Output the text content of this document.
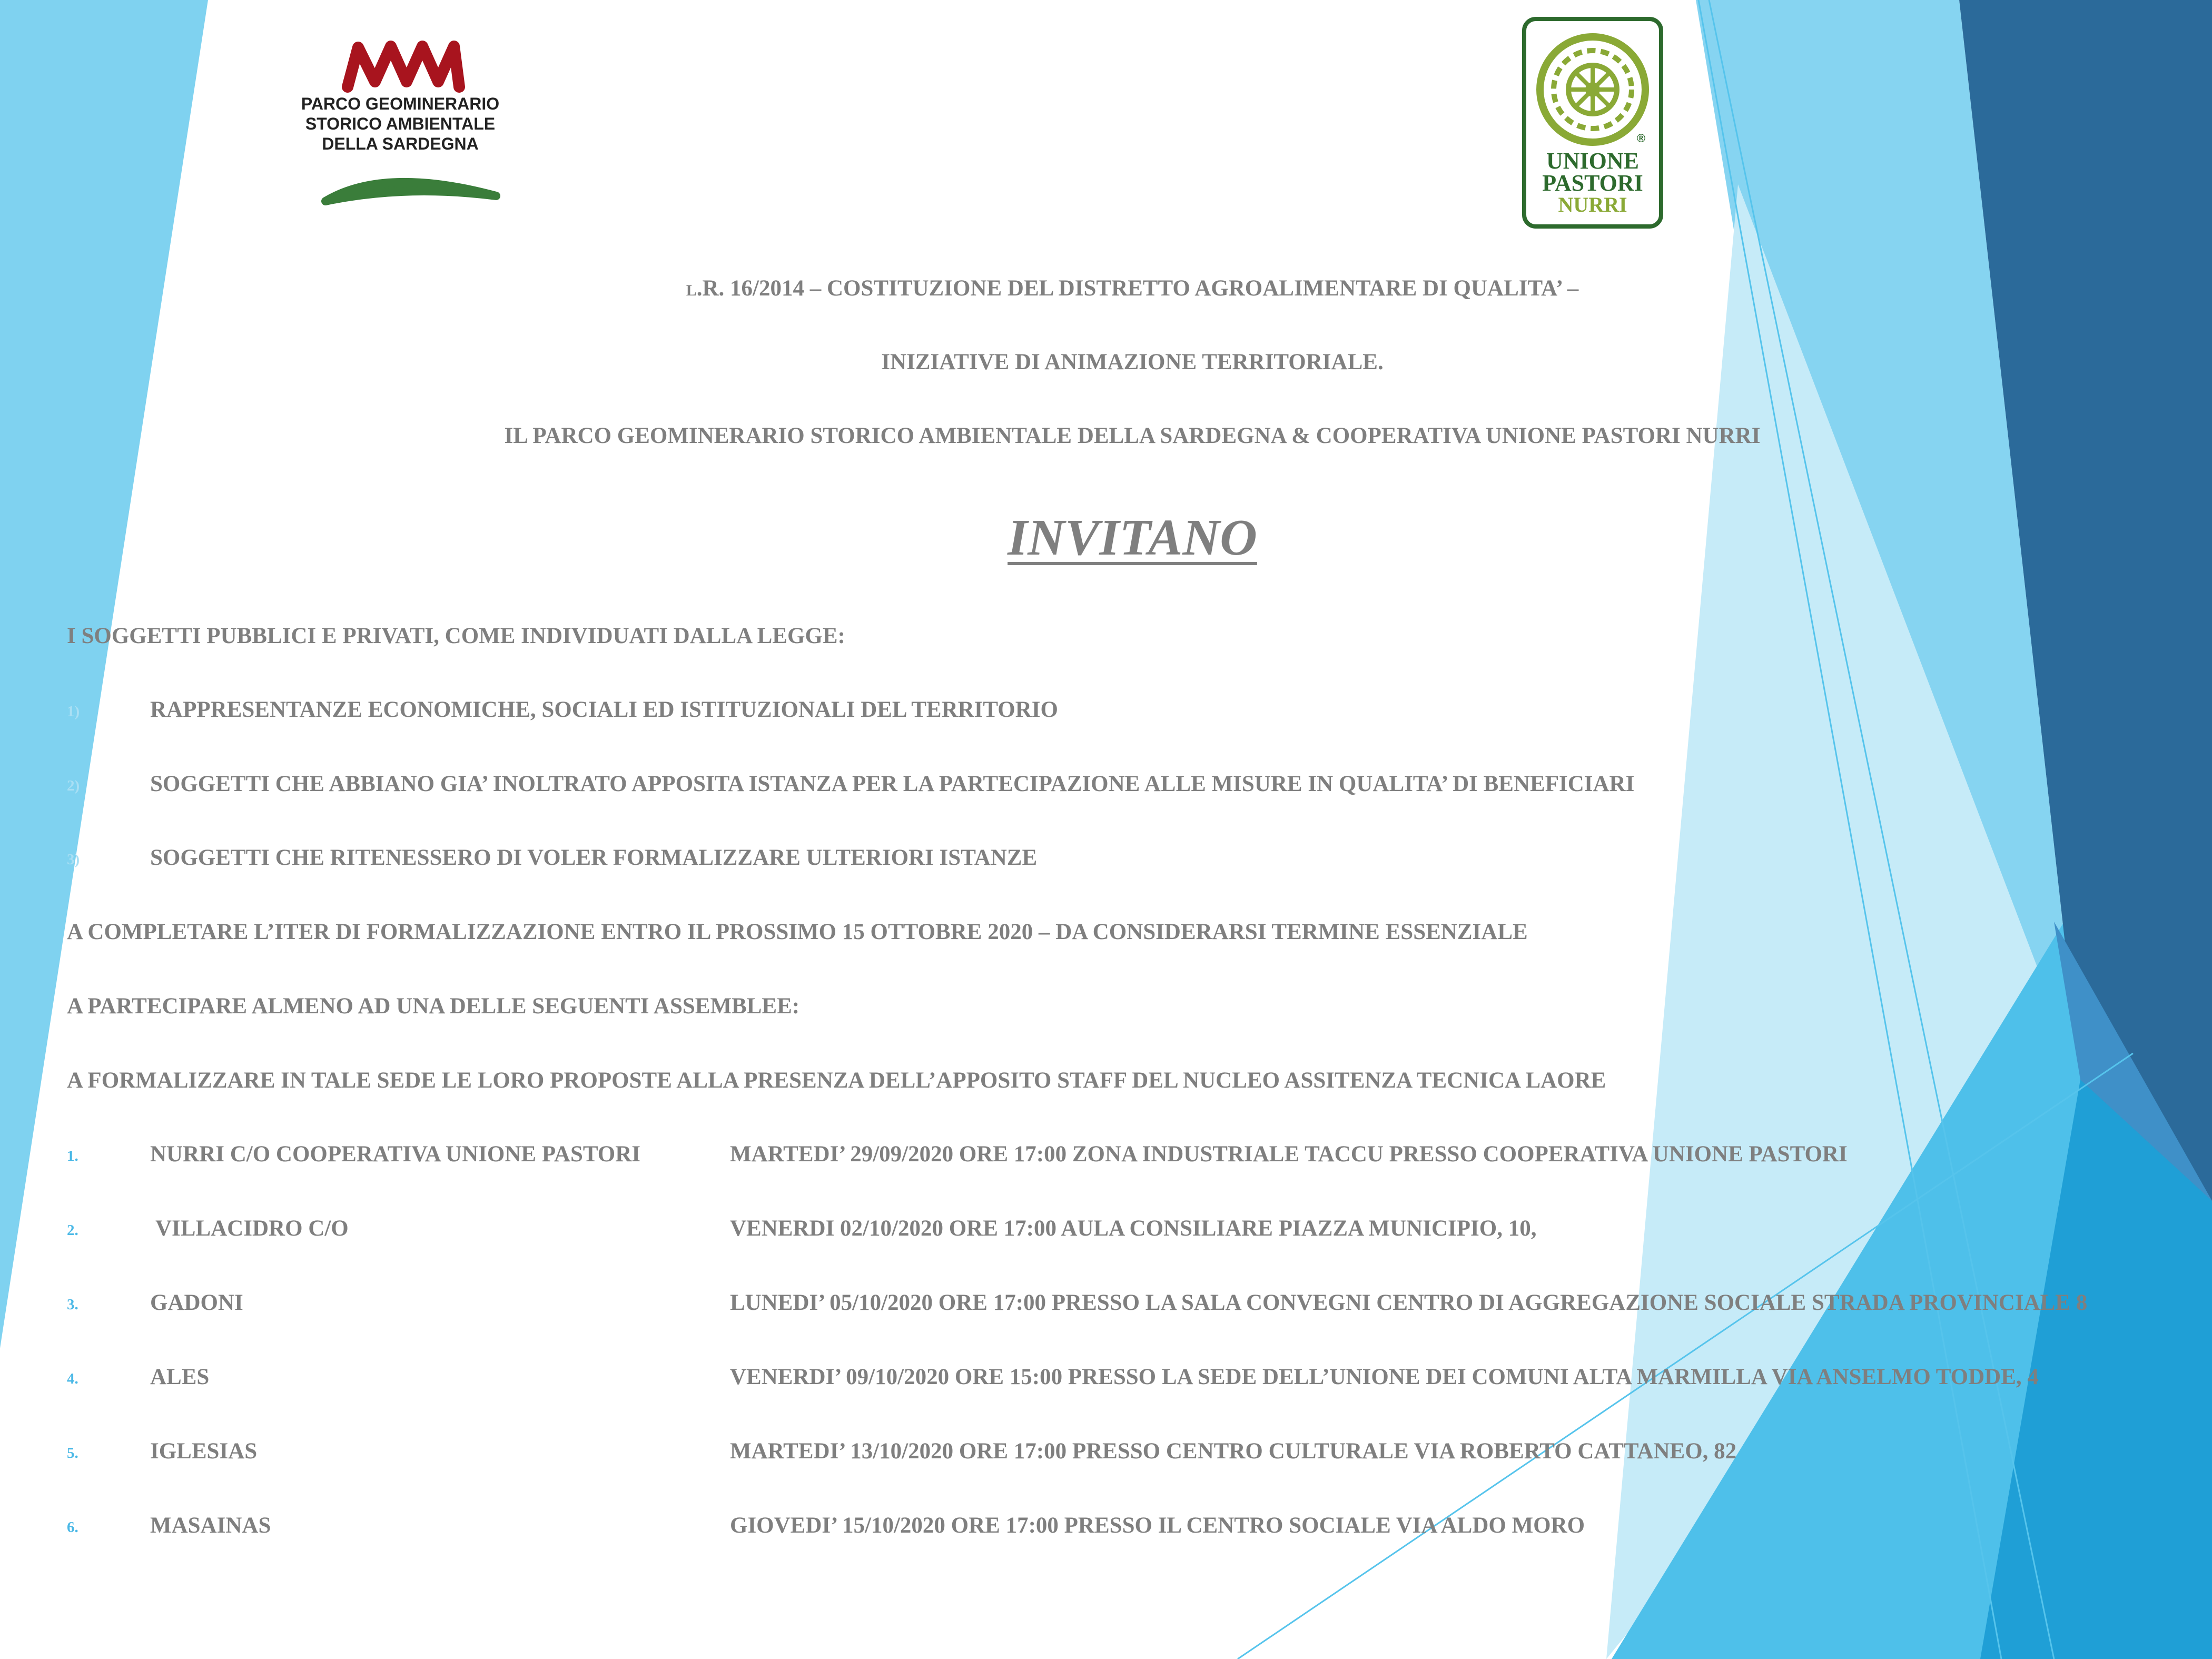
PARCO GEOMINERARIO
STORICO AMBIENTALE
DELLA SARDEGNA
UNIONE
PASTORI
NURRI
®
L.R. 16/2014 – COSTITUZIONE DEL DISTRETTO AGROALIMENTARE DI QUALITA’ –
INIZIATIVE DI ANIMAZIONE TERRITORIALE.
IL PARCO GEOMINERARIO STORICO AMBIENTALE DELLA SARDEGNA & COOPERATIVA UNIONE PASTORI NURRI
INVITANO
I SOGGETTI PUBBLICI E PRIVATI, COME INDIVIDUATI DALLA LEGGE:
1)	RAPPRESENTANZE ECONOMICHE, SOCIALI ED ISTITUZIONALI DEL TERRITORIO
2)	SOGGETTI CHE ABBIANO GIA’ INOLTRATO APPOSITA ISTANZA PER LA PARTECIPAZIONE ALLE MISURE IN QUALITA’ DI BENEFICIARI
3)	SOGGETTI CHE RITENESSERO DI VOLER FORMALIZZARE ULTERIORI ISTANZE
A COMPLETARE L’ITER DI FORMALIZZAZIONE ENTRO IL PROSSIMO 15 OTTOBRE 2020 – DA CONSIDERARSI TERMINE ESSENZIALE
A PARTECIPARE ALMENO AD UNA DELLE SEGUENTI ASSEMBLEE:
A FORMALIZZARE IN TALE SEDE LE LORO PROPOSTE ALLA PRESENZA DELL’APPOSITO STAFF DEL NUCLEO ASSITENZA TECNICA LAORE
1.	NURRI C/O COOPERATIVA UNIONE PASTORI	MARTEDI’ 29/09/2020 ORE 17:00 ZONA INDUSTRIALE TACCU PRESSO COOPERATIVA UNIONE PASTORI
2.	VILLACIDRO C/O	VENERDI 02/10/2020 ORE 17:00 AULA CONSILIARE PIAZZA MUNICIPIO, 10,
3.	GADONI	LUNEDI’ 05/10/2020 ORE 17:00 PRESSO LA SALA CONVEGNI CENTRO DI AGGREGAZIONE SOCIALE STRADA PROVINCIALE 8
4.	ALES	VENERDI’ 09/10/2020 ORE 15:00 PRESSO LA SEDE DELL’UNIONE DEI COMUNI ALTA MARMILLA VIA ANSELMO TODDE, 4
5.	IGLESIAS	MARTEDI’ 13/10/2020 ORE 17:00 PRESSO CENTRO CULTURALE VIA ROBERTO CATTANEO, 82
6.	MASAINAS	GIOVEDI’ 15/10/2020 ORE 17:00 PRESSO IL CENTRO SOCIALE VIA ALDO MORO
